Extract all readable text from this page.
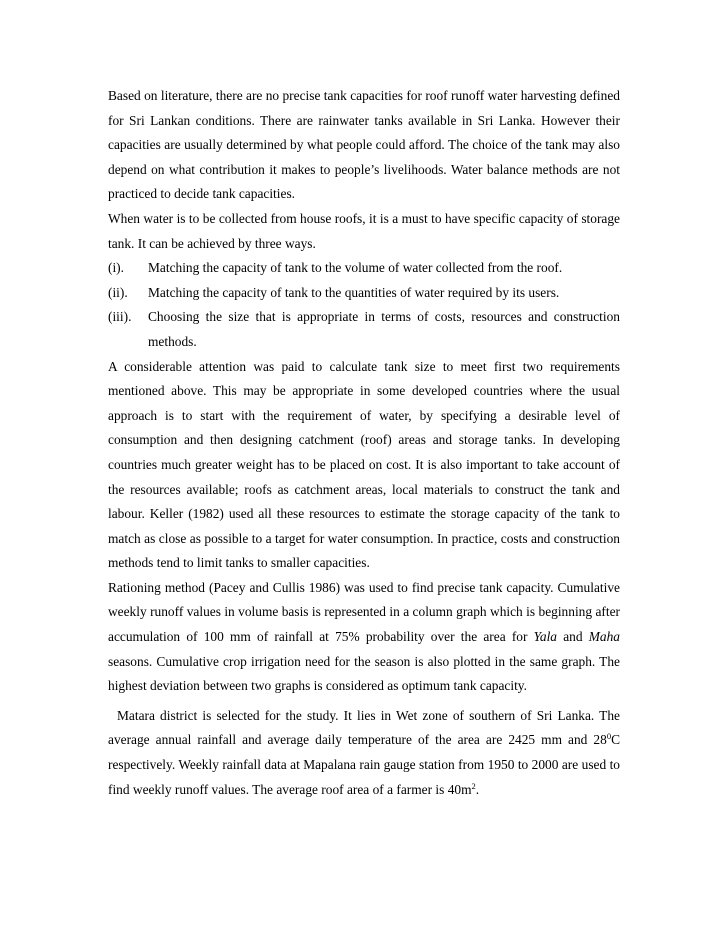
Based on literature, there are no precise tank capacities for roof runoff water harvesting defined for Sri Lankan conditions. There are rainwater tanks available in Sri Lanka. However their capacities are usually determined by what people could afford. The choice of the tank may also depend on what contribution it makes to people’s livelihoods. Water balance methods are not practiced to decide tank capacities.

When water is to be collected from house roofs, it is a must to have specific capacity of storage tank. It can be achieved by three ways.

(i).	Matching the capacity of tank to the volume of water collected from the roof.
(ii).	Matching the capacity of tank to the quantities of water required by its users.
(iii).	Choosing the size that is appropriate in terms of costs, resources and construction methods.

A considerable attention was paid to calculate tank size to meet first two requirements mentioned above. This may be appropriate in some developed countries where the usual approach is to start with the requirement of water, by specifying a desirable level of consumption and then designing catchment (roof) areas and storage tanks. In developing countries much greater weight has to be placed on cost. It is also important to take account of the resources available; roofs as catchment areas, local materials to construct the tank and labour. Keller (1982) used all these resources to estimate the storage capacity of the tank to match as close as possible to a target for water consumption. In practice, costs and construction methods tend to limit tanks to smaller capacities.

Rationing method (Pacey and Cullis 1986) was used to find precise tank capacity. Cumulative weekly runoff values in volume basis is represented in a column graph which is beginning after accumulation of 100 mm of rainfall at 75% probability over the area for Yala and Maha seasons. Cumulative crop irrigation need for the season is also plotted in the same graph. The highest deviation between two graphs is considered as optimum tank capacity.

Matara district is selected for the study. It lies in Wet zone of southern of Sri Lanka. The average annual rainfall and average daily temperature of the area are 2425 mm and $28^0C$ respectively. Weekly rainfall data at Mapalana rain gauge station from 1950 to 2000 are used to find weekly runoff values. The average roof area of a farmer is $40m^2$.
